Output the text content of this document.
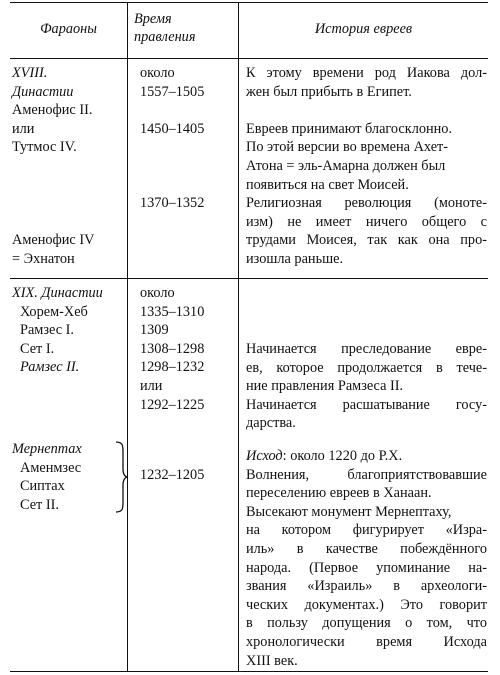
Фараоны
Время правления	История евреев
XVIII.
Династии
Аменофис II.
или
Тутмос IV.
Аменофис IV
= Эхнатон
около
1557–1505
1450–1405
1370–1352
К этому времени род Иакова дол-
жен был прибыть в Египет.
Евреев принимают благосклонно.
По этой версии во времена Ахет-
Атона = эль-Амарна должен был
появиться на свет Моисей.
Религиозная революция (моноте-
изм) не имеет ничего общего с
трудами Моисея, так как она про-
изошла раньше.
XIX. Династии
Хорем-Хеб
Рамзес I.
Сет I.
Рамзес II.
около
1335–1310
1309
1308–1298
1298–1232
или
1292–1225
Начинается преследование евре-
ев, которое продолжается в тече-
ние правления Рамзеса II.
Начинается расшатывание госу-
дарства.
Мернептах
Аменмзес
Сиптах
Сет II.
1232–1205
Исход: около 1220 до Р.Х.
Волнения, благоприятствовавшие
переселению евреев в Ханаан.
Высекают монумент Мернептаху,
на котором фигурирует «Изра-
иль» в качестве побеждённого
народа. (Первое упоминание на-
звания «Израиль» в археологи-
ческих документах.) Это говорит
в пользу допущения о том, что
хронологически время Исхода
XIII век.
